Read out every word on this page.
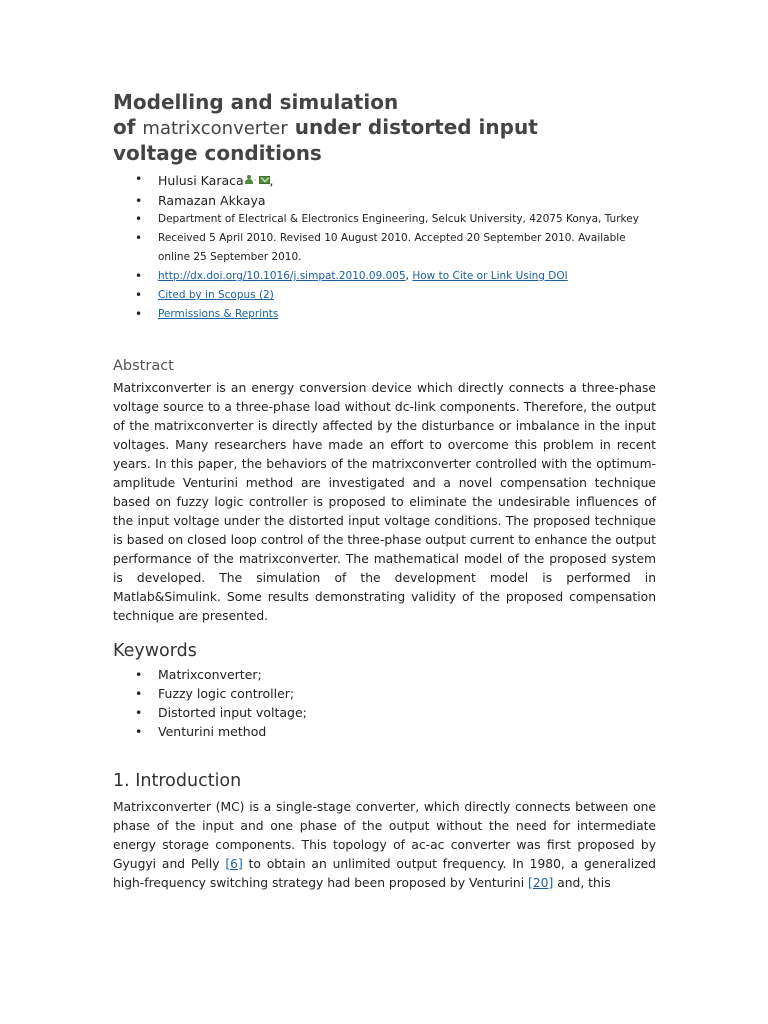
Modelling and simulation
of matrixconverter under distorted input
voltage conditions
• Hulusi Karaca · ,
• Ramazan Akkaya
• Department of Electrical & Electronics Engineering, Selcuk University, 42075 Konya, Turkey
• Received 5 April 2010. Revised 10 August 2010. Accepted 20 September 2010. Available online 25 September 2010.
• http://dx.doi.org/10.1016/j.simpat.2010.09.005, How to Cite or Link Using DOI
• Cited by in Scopus (2)
• Permissions & Reprints
Abstract

Matrixconverter is an energy conversion device which directly connects a three-phase voltage source to a three-phase load without dc-link components. Therefore, the output of the matrixconverter is directly affected by the disturbance or imbalance in the input voltages. Many researchers have made an effort to overcome this problem in recent years. In this paper, the behaviors of the matrixconverter controlled with the optimum-amplitude Venturini method are investigated and a novel compensation technique based on fuzzy logic controller is proposed to eliminate the undesirable influences of the input voltage under the distorted input voltage conditions. The proposed technique is based on closed loop control of the three-phase output current to enhance the output performance of the matrixconverter. The mathematical model of the proposed system is developed. The simulation of the development model is performed in Matlab&Simulink. Some results demonstrating validity of the proposed compensation technique are presented.

Keywords
• Matrixconverter;
• Fuzzy logic controller;
• Distorted input voltage;
• Venturini method
1. Introduction

Matrixconverter (MC) is a single-stage converter, which directly connects between one phase of the input and one phase of the output without the need for intermediate energy storage components. This topology of ac-ac converter was first proposed by Gyugyi and Pelly [6] to obtain an unlimited output frequency. In 1980, a generalized high-frequency switching strategy had been proposed by Venturini [20] and, this
